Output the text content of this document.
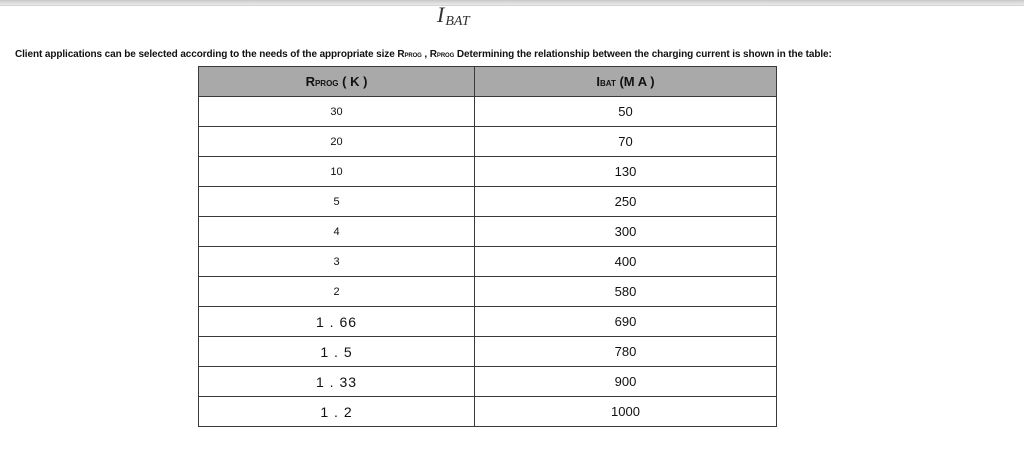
IBAT
Client applications can be selected according to the needs of the appropriate size RPROG , RPROG Determining the relationship between the charging current is shown in the table:
RPROG ( K )	IBAT (M A )
30	50
20	70
10	130
5	250
4	300
3	400
2	580
1 . 66	690
1 . 5	780
1 . 33	900
1 . 2	1000
